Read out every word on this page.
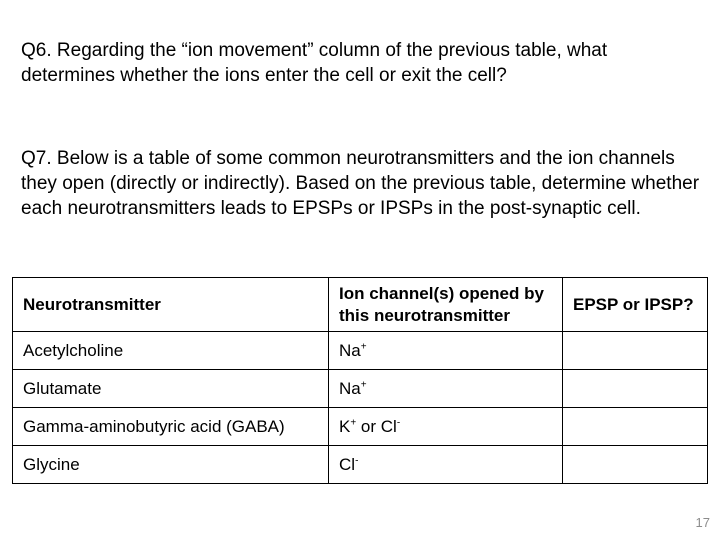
Q6. Regarding the “ion movement” column of the previous table, what determines whether the ions enter the cell or exit the cell?

Q7. Below is a table of some common neurotransmitters and the ion channels they open (directly or indirectly). Based on the previous table, determine whether each neurotransmitters leads to EPSPs or IPSPs in the post-synaptic cell.

Neurotransmitter	Ion channel(s) opened by this neurotransmitter	EPSP or IPSP?
Acetylcholine	Na+	
Glutamate	Na+	
Gamma-aminobutyric acid (GABA)	K+ or Cl-	
Glycine	Cl-	
17
